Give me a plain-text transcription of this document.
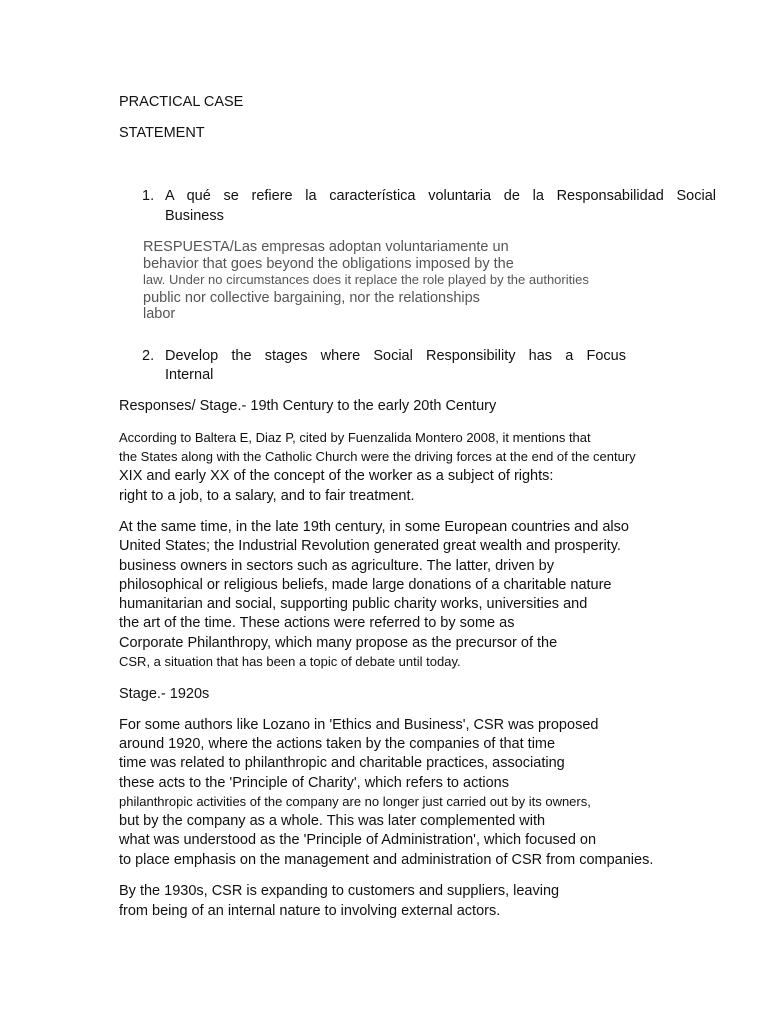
PRACTICAL CASE
STATEMENT
1. A qué se refiere la característica voluntaria de la Responsabilidad Social
Business
RESPUESTA/Las empresas adoptan voluntariamente un
behavior that goes beyond the obligations imposed by the
law. Under no circumstances does it replace the role played by the authorities
public nor collective bargaining, nor the relationships
labor
2. Develop the stages where Social Responsibility has a Focus
Internal
Responses/ Stage.- 19th Century to the early 20th Century
According to Baltera E, Diaz P, cited by Fuenzalida Montero 2008, it mentions that
the States along with the Catholic Church were the driving forces at the end of the century
XIX and early XX of the concept of the worker as a subject of rights:
right to a job, to a salary, and to fair treatment.
At the same time, in the late 19th century, in some European countries and also
United States; the Industrial Revolution generated great wealth and prosperity.
business owners in sectors such as agriculture. The latter, driven by
philosophical or religious beliefs, made large donations of a charitable nature
humanitarian and social, supporting public charity works, universities and
the art of the time. These actions were referred to by some as
Corporate Philanthropy, which many propose as the precursor of the
CSR, a situation that has been a topic of debate until today.
Stage.- 1920s
For some authors like Lozano in 'Ethics and Business', CSR was proposed
around 1920, where the actions taken by the companies of that time
time was related to philanthropic and charitable practices, associating
these acts to the 'Principle of Charity', which refers to actions
philanthropic activities of the company are no longer just carried out by its owners,
but by the company as a whole. This was later complemented with
what was understood as the 'Principle of Administration', which focused on
to place emphasis on the management and administration of CSR from companies.
By the 1930s, CSR is expanding to customers and suppliers, leaving
from being of an internal nature to involving external actors.
